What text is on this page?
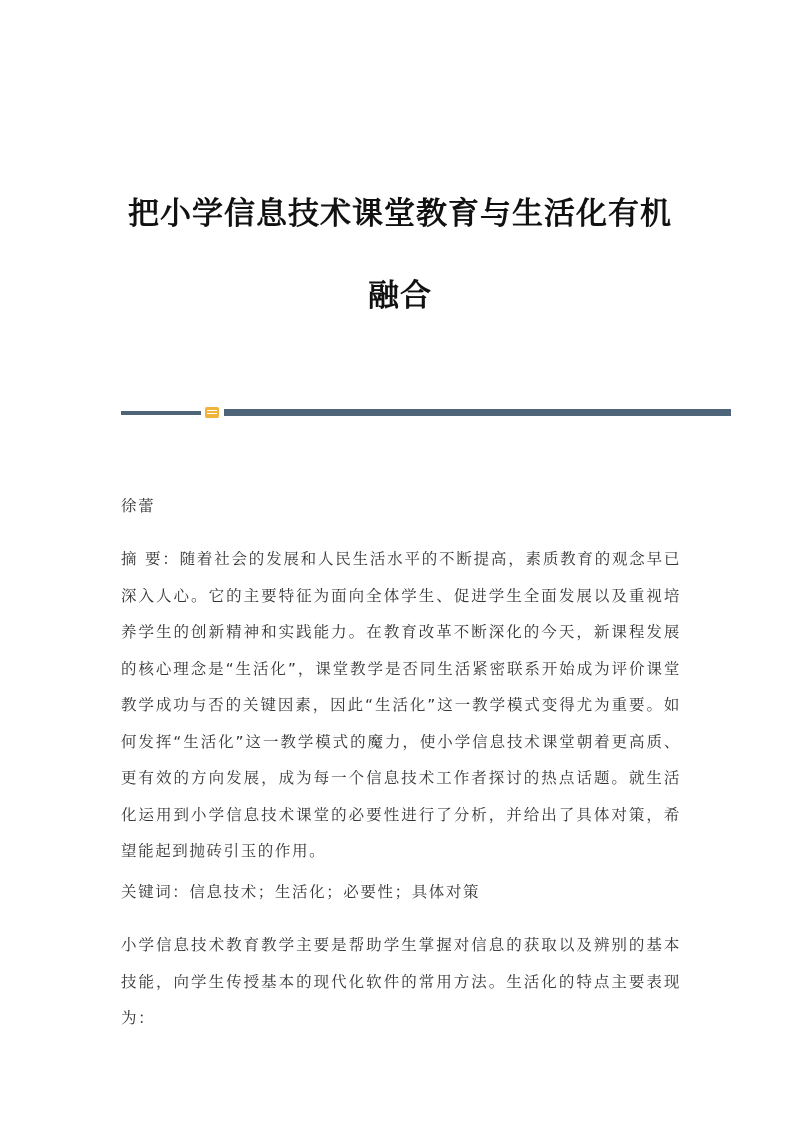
把小学信息技术课堂教育与生活化有机
融合

徐蕾

摘 要：随着社会的发展和人民生活水平的不断提高，素质教育的观念早已深入人心。它的主要特征为面向全体学生、促进学生全面发展以及重视培养学生的创新精神和实践能力。在教育改革不断深化的今天，新课程发展的核心理念是“生活化”，课堂教学是否同生活紧密联系开始成为评价课堂教学成功与否的关键因素，因此“生活化”这一教学模式变得尤为重要。如何发挥“生活化”这一教学模式的魔力，使小学信息技术课堂朝着更高质、更有效的方向发展，成为每一个信息技术工作者探讨的热点话题。就生活化运用到小学信息技术课堂的必要性进行了分析，并给出了具体对策，希望能起到抛砖引玉的作用。

关键词：信息技术；生活化；必要性；具体对策

小学信息技术教育教学主要是帮助学生掌握对信息的获取以及辨别的基本技能，向学生传授基本的现代化软件的常用方法。生活化的特点主要表现为：
